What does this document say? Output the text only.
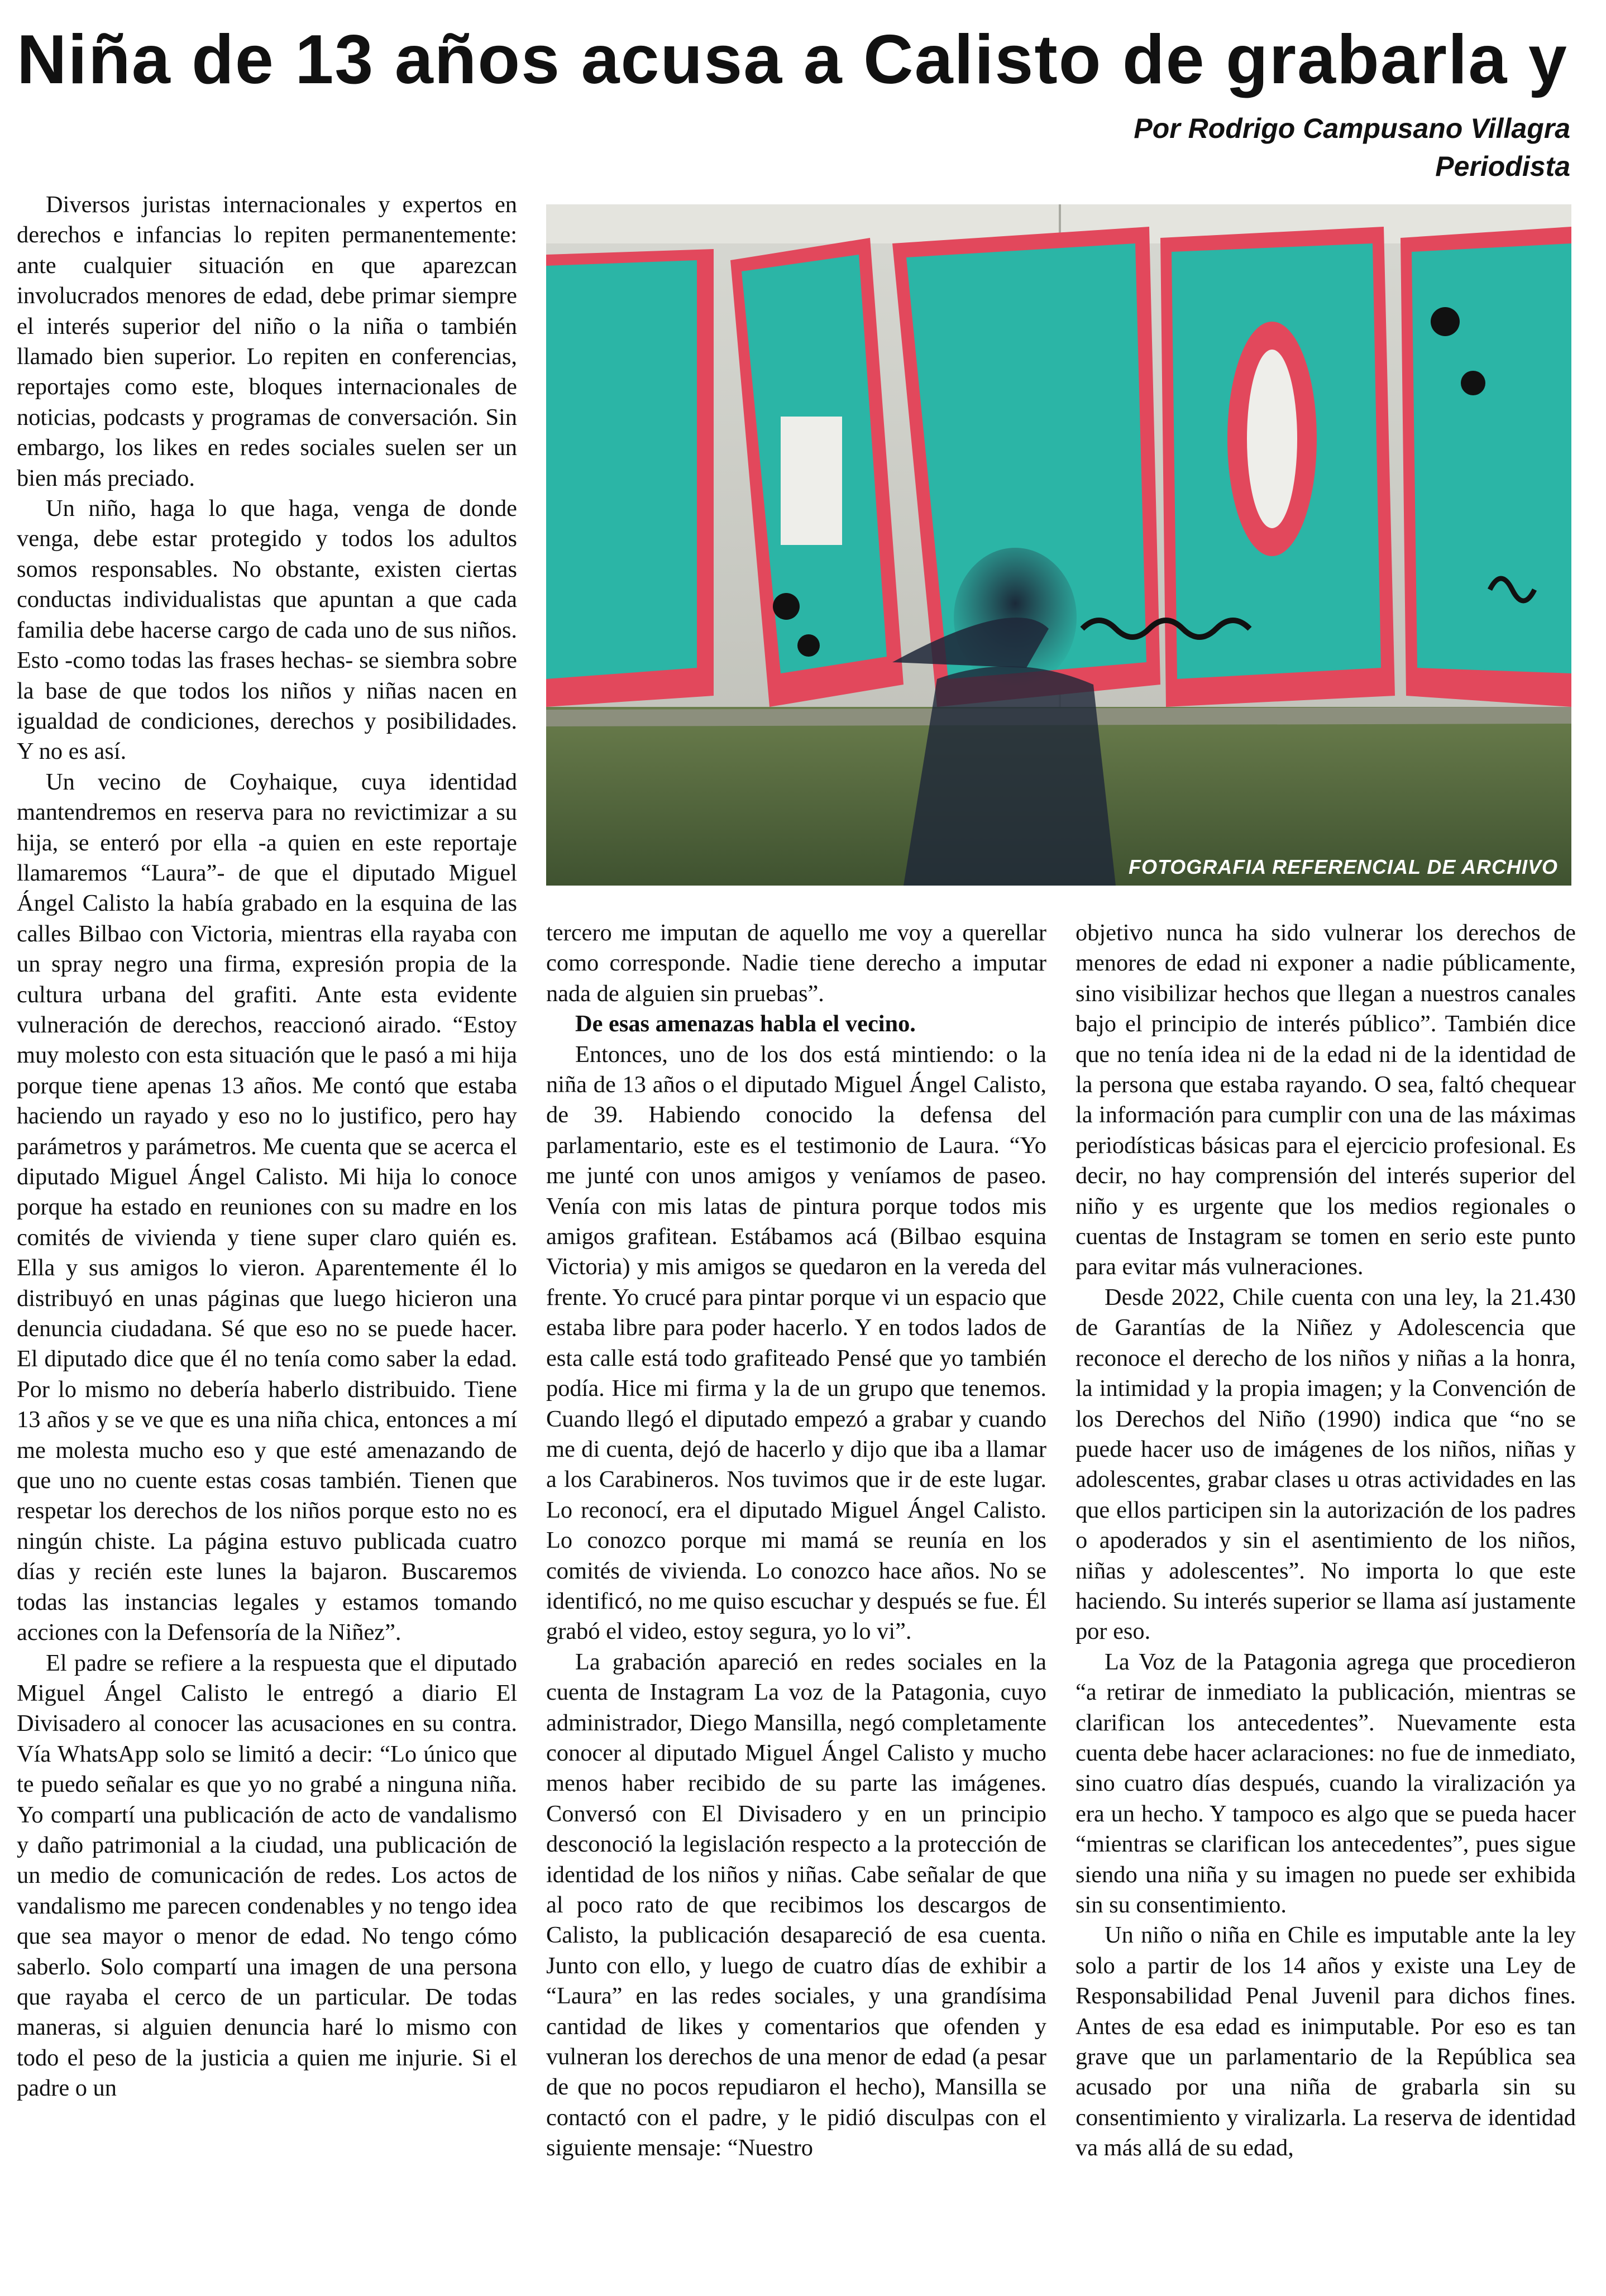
Niña de 13 años acusa a Calisto de grabarla y
Por Rodrigo Campusano Villagra
Periodista

Diversos juristas internacionales y expertos en derechos e infancias lo repiten permanentemente: ante cualquier situación en que aparezcan involucrados menores de edad, debe primar siempre el interés superior del niño o la niña o también llamado bien superior. Lo repiten en conferencias, reportajes como este, bloques internacionales de noticias, podcasts y programas de conversación. Sin embargo, los likes en redes sociales suelen ser un bien más preciado.

Un niño, haga lo que haga, venga de donde venga, debe estar protegido y todos los adultos somos responsables. No obstante, existen ciertas conductas individualistas que apuntan a que cada familia debe hacerse cargo de cada uno de sus niños. Esto -como todas las frases hechas- se siembra sobre la base de que todos los niños y niñas nacen en igualdad de condiciones, derechos y posibilidades. Y no es así.

Un vecino de Coyhaique, cuya identidad mantendremos en reserva para no revictimizar a su hija, se enteró por ella -a quien en este reportaje llamaremos “Laura”- de que el diputado Miguel Ángel Calisto la había grabado en la esquina de las calles Bilbao con Victoria, mientras ella rayaba con un spray negro una firma, expresión propia de la cultura urbana del grafiti. Ante esta evidente vulneración de derechos, reaccionó airado. “Estoy muy molesto con esta situación que le pasó a mi hija porque tiene apenas 13 años. Me contó que estaba haciendo un rayado y eso no lo justifico, pero hay parámetros y parámetros. Me cuenta que se acerca el diputado Miguel Ángel Calisto. Mi hija lo conoce porque ha estado en reuniones con su madre en los comités de vivienda y tiene super claro quién es. Ella y sus amigos lo vieron. Aparentemente él lo distribuyó en unas páginas que luego hicieron una denuncia ciudadana. Sé que eso no se puede hacer. El diputado dice que él no tenía como saber la edad. Por lo mismo no debería haberlo distribuido. Tiene 13 años y se ve que es una niña chica, entonces a mí me molesta mucho eso y que esté amenazando de que uno no cuente estas cosas también. Tienen que respetar los derechos de los niños porque esto no es ningún chiste. La página estuvo publicada cuatro días y recién este lunes la bajaron. Buscaremos todas las instancias legales y estamos tomando acciones con la Defensoría de la Niñez”.

El padre se refiere a la respuesta que el diputado Miguel Ángel Calisto le entregó a diario El Divisadero al conocer las acusaciones en su contra. Vía WhatsApp solo se limitó a decir: “Lo único que te puedo señalar es que yo no grabé a ninguna niña. Yo compartí una publicación de acto de vandalismo y daño patrimonial a la ciudad, una publicación de un medio de comunicación de redes. Los actos de vandalismo me parecen condenables y no tengo idea que sea mayor o menor de edad. No tengo cómo saberlo. Solo compartí una imagen de una persona que rayaba el cerco de un particular. De todas maneras, si alguien denuncia haré lo mismo con todo el peso de la justicia a quien me injurie. Si el padre o un

FOTOGRAFIA REFERENCIAL DE ARCHIVO

tercero me imputan de aquello me voy a querellar como corresponde. Nadie tiene derecho a imputar nada de alguien sin pruebas”.

De esas amenazas habla el vecino.

Entonces, uno de los dos está mintiendo: o la niña de 13 años o el diputado Miguel Ángel Calisto, de 39. Habiendo conocido la defensa del parlamentario, este es el testimonio de Laura. “Yo me junté con unos amigos y veníamos de paseo. Venía con mis latas de pintura porque todos mis amigos grafitean. Estábamos acá (Bilbao esquina Victoria) y mis amigos se quedaron en la vereda del frente. Yo crucé para pintar porque vi un espacio que estaba libre para poder hacerlo. Y en todos lados de esta calle está todo grafiteado Pensé que yo también podía. Hice mi firma y la de un grupo que tenemos. Cuando llegó el diputado empezó a grabar y cuando me di cuenta, dejó de hacerlo y dijo que iba a llamar a los Carabineros. Nos tuvimos que ir de este lugar. Lo reconocí, era el diputado Miguel Ángel Calisto. Lo conozco porque mi mamá se reunía en los comités de vivienda. Lo conozco hace años. No se identificó, no me quiso escuchar y después se fue. Él grabó el video, estoy segura, yo lo vi”.

La grabación apareció en redes sociales en la cuenta de Instagram La voz de la Patagonia, cuyo administrador, Diego Mansilla, negó completamente conocer al diputado Miguel Ángel Calisto y mucho menos haber recibido de su parte las imágenes. Conversó con El Divisadero y en un principio desconoció la legislación respecto a la protección de identidad de los niños y niñas. Cabe señalar de que al poco rato de que recibimos los descargos de Calisto, la publicación desapareció de esa cuenta. Junto con ello, y luego de cuatro días de exhibir a “Laura” en las redes sociales, y una grandísima cantidad de likes y comentarios que ofenden y vulneran los derechos de una menor de edad (a pesar de que no pocos repudiaron el hecho), Mansilla se contactó con el padre, y le pidió disculpas con el siguiente mensaje: “Nuestro

objetivo nunca ha sido vulnerar los derechos de menores de edad ni exponer a nadie públicamente, sino visibilizar hechos que llegan a nuestros canales bajo el principio de interés público”. También dice que no tenía idea ni de la edad ni de la identidad de la persona que estaba rayando. O sea, faltó chequear la información para cumplir con una de las máximas periodísticas básicas para el ejercicio profesional. Es decir, no hay comprensión del interés superior del niño y es urgente que los medios regionales o cuentas de Instagram se tomen en serio este punto para evitar más vulneraciones.

Desde 2022, Chile cuenta con una ley, la 21.430 de Garantías de la Niñez y Adolescencia que reconoce el derecho de los niños y niñas a la honra, la intimidad y la propia imagen; y la Convención de los Derechos del Niño (1990) indica que “no se puede hacer uso de imágenes de los niños, niñas y adolescentes, grabar clases u otras actividades en las que ellos participen sin la autorización de los padres o apoderados y sin el asentimiento de los niños, niñas y adolescentes”. No importa lo que este haciendo. Su interés superior se llama así justamente por eso.

La Voz de la Patagonia agrega que procedieron “a retirar de inmediato la publicación, mientras se clarifican los antecedentes”. Nuevamente esta cuenta debe hacer aclaraciones: no fue de inmediato, sino cuatro días después, cuando la viralización ya era un hecho. Y tampoco es algo que se pueda hacer “mientras se clarifican los antecedentes”, pues sigue siendo una niña y su imagen no puede ser exhibida sin su consentimiento.

Un niño o niña en Chile es imputable ante la ley solo a partir de los 14 años y existe una Ley de Responsabilidad Penal Juvenil para dichos fines. Antes de esa edad es inimputable. Por eso es tan grave que un parlamentario de la República sea acusado por una niña de grabarla sin su consentimiento y viralizarla. La reserva de identidad va más allá de su edad,
